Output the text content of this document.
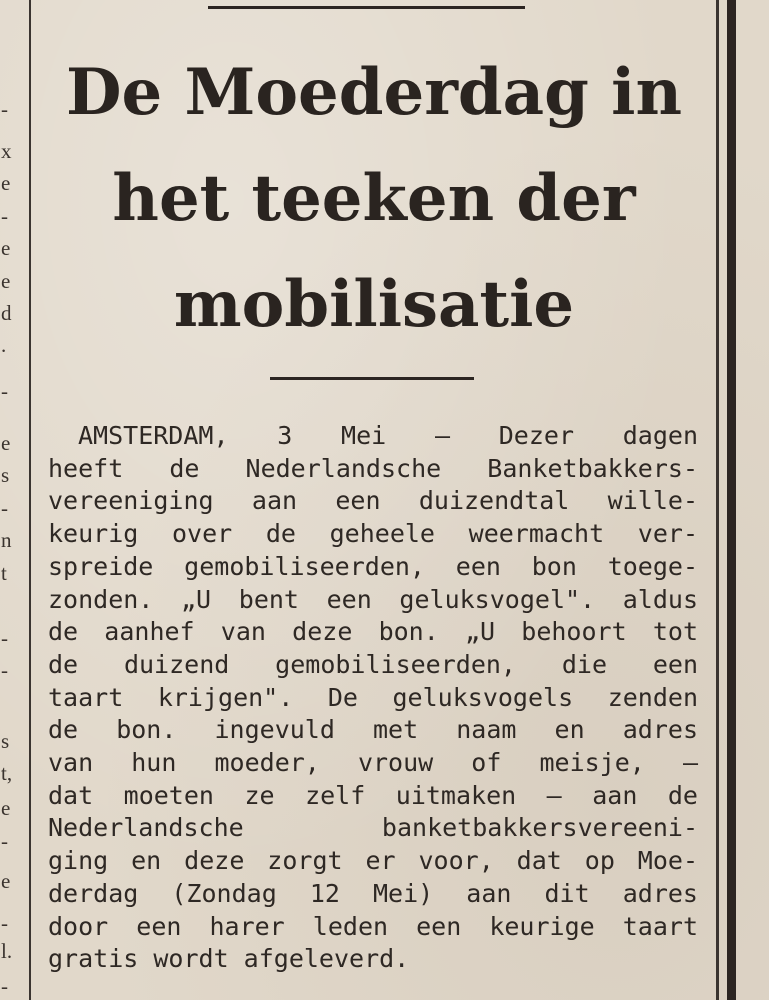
-
x
e
-
e
e
d
.
-
e
s
-
n
t
-
-
s
t,
e
-
e
-
l.
-
De Moederdag in
het teeken der
mobilisatie
AMSTERDAM, 3 Mei — Dezer dagen
heeft de Nederlandsche Banketbakkers-
vereeniging aan een duizendtal wille-
keurig over de geheele weermacht ver-
spreide gemobiliseerden, een bon toege-
zonden. „U bent een geluksvogel". aldus
de aanhef van deze bon. „U behoort tot
de duizend gemobiliseerden, die een
taart krijgen". De geluksvogels zenden
de bon. ingevuld met naam en adres
van hun moeder, vrouw of meisje, —
dat moeten ze zelf uitmaken — aan de
Nederlandsche banketbakkersvereeni-
ging en deze zorgt er voor, dat op Moe-
derdag (Zondag 12 Mei) aan dit adres
door een harer leden een keurige taart
gratis wordt afgeleverd.
